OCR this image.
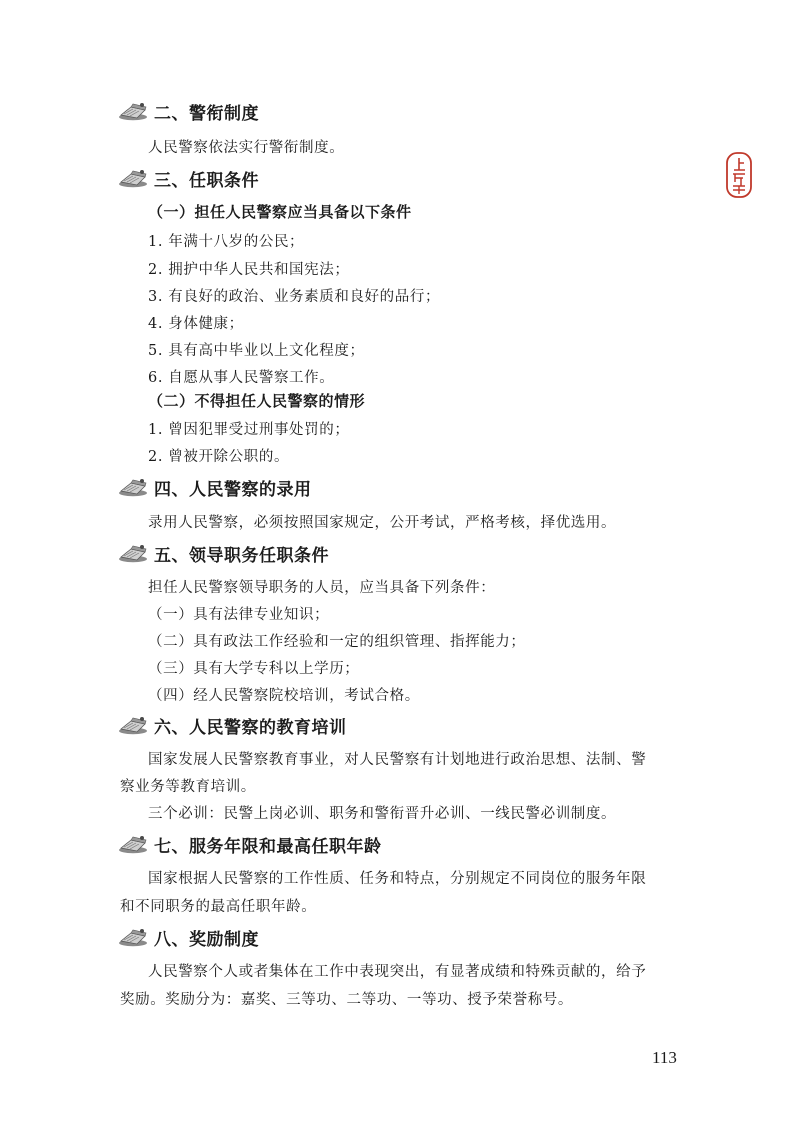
二、警衔制度
人民警察依法实行警衔制度。
三、任职条件
（一）担任人民警察应当具备以下条件
1. 年满十八岁的公民；
2. 拥护中华人民共和国宪法；
3. 有良好的政治、业务素质和良好的品行；
4. 身体健康；
5. 具有高中毕业以上文化程度；
6. 自愿从事人民警察工作。
（二）不得担任人民警察的情形
1. 曾因犯罪受过刑事处罚的；
2. 曾被开除公职的。
四、人民警察的录用
录用人民警察，必须按照国家规定，公开考试，严格考核，择优选用。
五、领导职务任职条件
担任人民警察领导职务的人员，应当具备下列条件：
（一）具有法律专业知识；
（二）具有政法工作经验和一定的组织管理、指挥能力；
（三）具有大学专科以上学历；
（四）经人民警察院校培训，考试合格。
六、人民警察的教育培训
国家发展人民警察教育事业，对人民警察有计划地进行政治思想、法制、警
察业务等教育培训。
三个必训：民警上岗必训、职务和警衔晋升必训、一线民警必训制度。
七、服务年限和最高任职年龄
国家根据人民警察的工作性质、任务和特点，分别规定不同岗位的服务年限
和不同职务的最高任职年龄。
八、奖励制度
人民警察个人或者集体在工作中表现突出，有显著成绩和特殊贡献的，给予
奖励。奖励分为：嘉奖、三等功、二等功、一等功、授予荣誉称号。
113
